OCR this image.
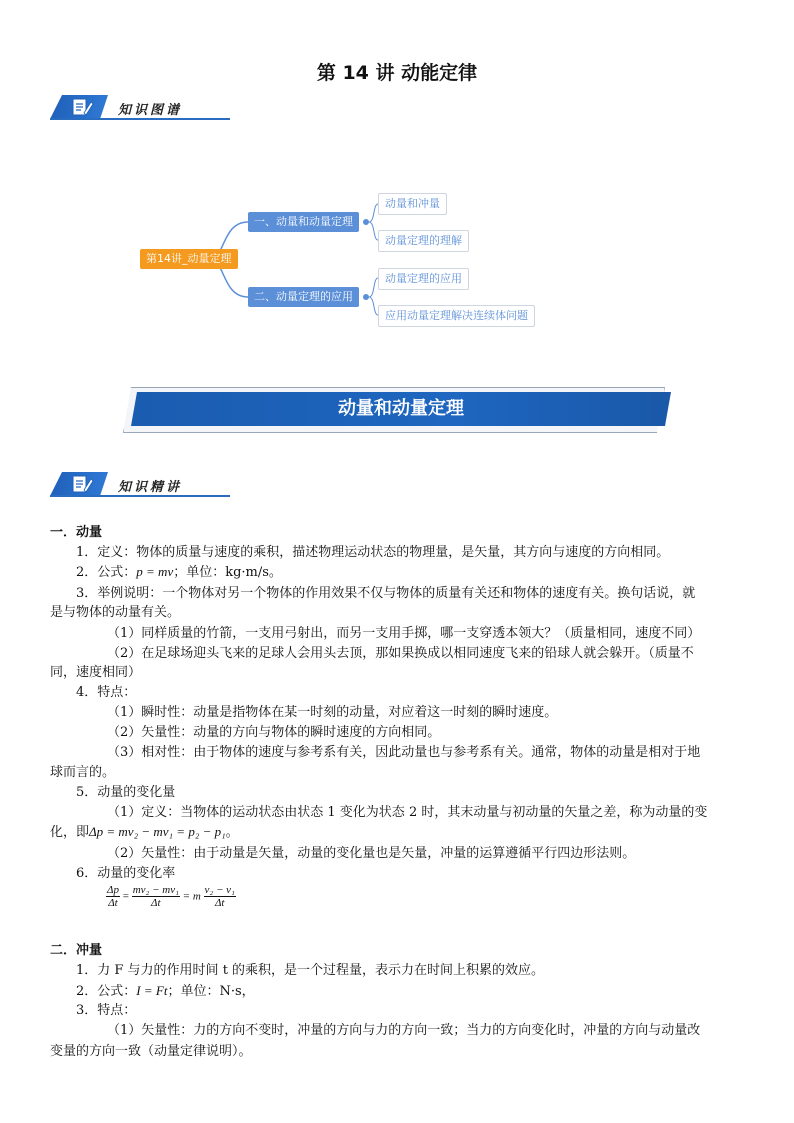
第 14 讲 动能定律
知识图谱
第14讲_动量定理
一、动量和动量定理
二、动量定理的应用
动量和冲量
动量定理的理解
动量定理的应用
应用动量定理解决连续体问题
动量和动量定理
知识精讲
一．动量
1．定义：物体的质量与速度的乘积，描述物理运动状态的物理量，是矢量，其方向与速度的方向相同。
2．公式：p = mv；单位：kg·m/s。
3．举例说明：一个物体对另一个物体的作用效果不仅与物体的质量有关还和物体的速度有关。换句话说，就
是与物体的动量有关。
（1）同样质量的竹箭，一支用弓射出，而另一支用手掷，哪一支穿透本领大？（质量相同，速度不同）
（2）在足球场迎头飞来的足球人会用头去顶，那如果换成以相同速度飞来的铅球人就会躲开。（质量不
同，速度相同）
4．特点：
（1）瞬时性：动量是指物体在某一时刻的动量，对应着这一时刻的瞬时速度。
（2）矢量性：动量的方向与物体的瞬时速度的方向相同。
（3）相对性：由于物体的速度与参考系有关，因此动量也与参考系有关。通常，物体的动量是相对于地
球而言的。
5．动量的变化量
（1）定义：当物体的运动状态由状态 1 变化为状态 2 时，其末动量与初动量的矢量之差，称为动量的变
化，即Δp = mv₂ − mv₁ = p₂ − p₁。
（2）矢量性：由于动量是矢量，动量的变化量也是矢量，冲量的运算遵循平行四边形法则。
6．动量的变化率
$\frac{\Delta p}{\Delta t} = \frac{\text{mv₂ − mv₁}}{\Delta t} = m \frac{\text{v₂ − v₁}}{\Delta t}$
二．冲量
1．力 F 与力的作用时间 t 的乘积，是一个过程量，表示力在时间上积累的效应。
2．公式：I = Ft；单位：N·s，
3．特点：
（1）矢量性：力的方向不变时，冲量的方向与力的方向一致；当力的方向变化时，冲量的方向与动量改
变量的方向一致（动量定律说明）。
